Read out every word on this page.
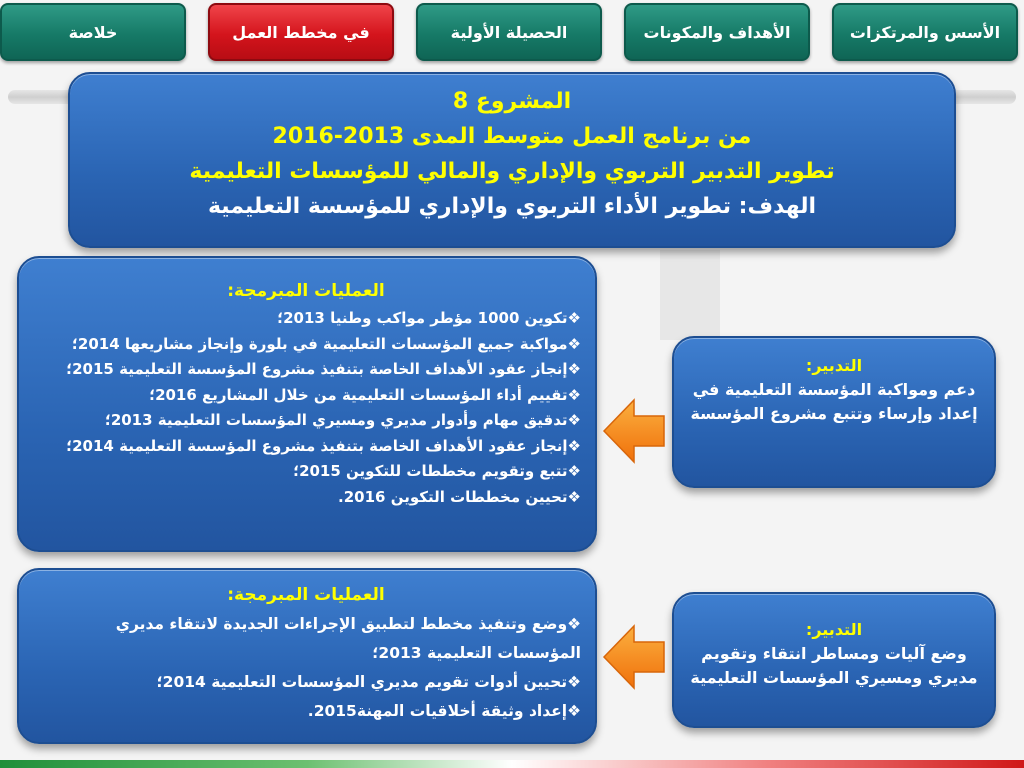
الأسس والمرتكزات
الأهداف والمكونات
الحصيلة الأولية
في مخطط العمل
خلاصة
المشروع 8
من برنامج العمل متوسط المدى 2013-2016
تطوير التدبير التربوي والإداري والمالي للمؤسسات التعليمية
الهدف: تطوير الأداء التربوي والإداري للمؤسسة التعليمية
العمليات المبرمجة:
❖تكوين 1000 مؤطر مواكب وطنيا 2013؛
❖مواكبة جميع المؤسسات التعليمية في بلورة وإنجاز مشاريعها 2014؛
❖إنجاز عقود الأهداف الخاصة بتنفيذ مشروع المؤسسة التعليمية 2015؛
❖تقييم أداء المؤسسات التعليمية من خلال المشاريع 2016؛
❖تدقيق مهام وأدوار مديري ومسيري المؤسسات التعليمية 2013؛
❖إنجاز عقود الأهداف الخاصة بتنفيذ مشروع المؤسسة التعليمية 2014؛
❖تتبع وتقويم مخططات للتكوين 2015؛
❖تحيين مخططات التكوين 2016.
التدبير:
دعم ومواكبة المؤسسة التعليمية في إعداد وإرساء وتتبع مشروع المؤسسة
العمليات المبرمجة:
❖وضع وتنفيذ مخطط لتطبيق الإجراءات الجديدة لانتقاء مديري المؤسسات التعليمية 2013؛
❖تحيين أدوات تقويم مديري المؤسسات التعليمية 2014؛
❖إعداد وثيقة أخلاقيات المهنة2015.
التدبير:
وضع آليات ومساطر انتقاء وتقويم مديري ومسيري المؤسسات التعليمية
